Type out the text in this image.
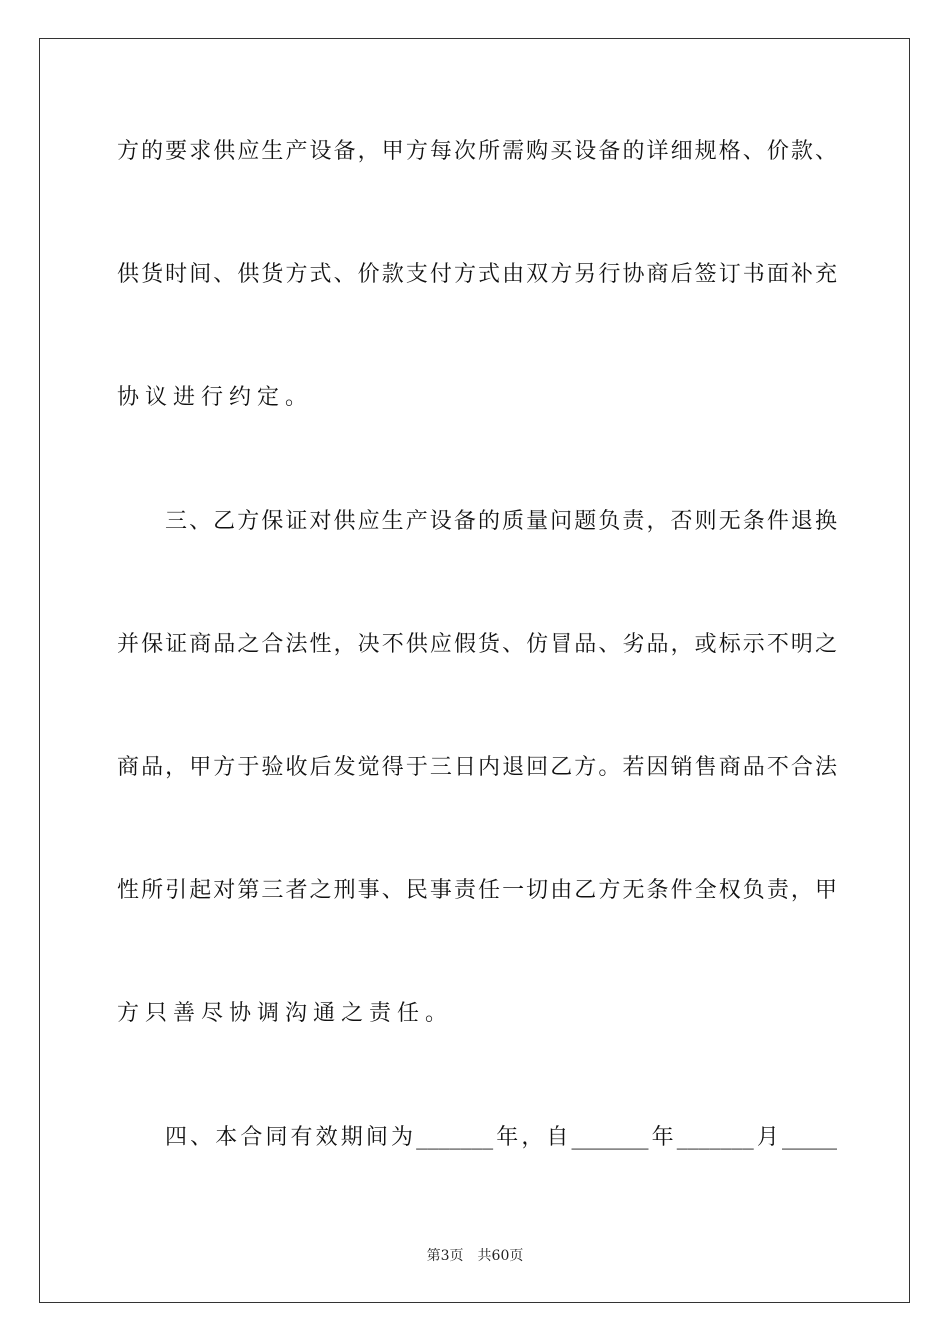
方的要求供应生产设备，甲方每次所需购买设备的详细规格、价款、
供货时间、供货方式、价款支付方式由双方另行协商后签订书面补充
协议进行约定。
三、乙方保证对供应生产设备的质量问题负责，否则无条件退换
并保证商品之合法性，决不供应假货、仿冒品、劣品，或标示不明之
商品，甲方于验收后发觉得于三日内退回乙方。若因销售商品不合法
性所引起对第三者之刑事、民事责任一切由乙方无条件全权负责，甲
方只善尽协调沟通之责任。
四、本合同有效期间为_______年，自_______年_______月_____
第3页 共60页
